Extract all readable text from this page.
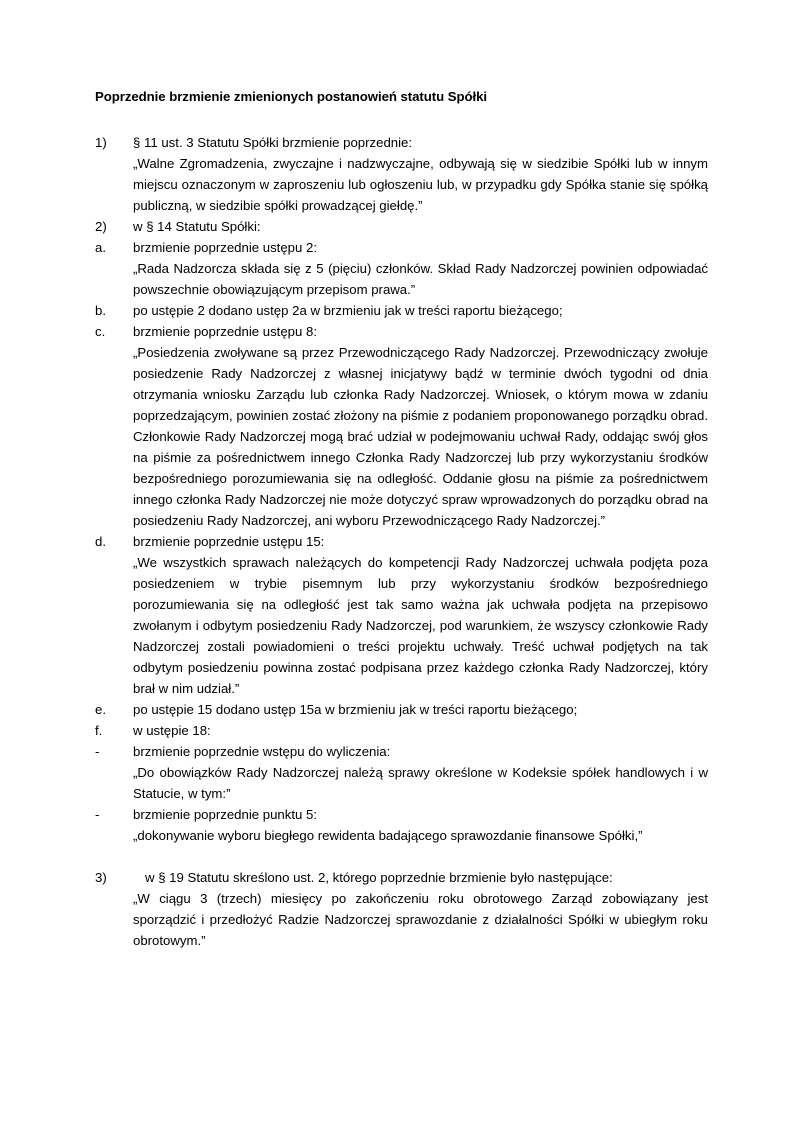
Poprzednie brzmienie zmienionych postanowień statutu Spółki
1)	§ 11 ust. 3 Statutu Spółki brzmienie poprzednie:

„Walne Zgromadzenia, zwyczajne i nadzwyczajne, odbywają się w siedzibie Spółki lub w innym miejscu oznaczonym w zaproszeniu lub ogłoszeniu lub, w przypadku gdy Spółka stanie się spółką publiczną, w siedzibie spółki prowadzącej giełdę.”

2)	w § 14 Statutu Spółki:

a.	brzmienie poprzednie ustępu 2:

„Rada Nadzorcza składa się z 5 (pięciu) członków. Skład Rady Nadzorczej powinien odpowiadać powszechnie obowiązującym przepisom prawa.”

b.	po ustępie 2 dodano ustęp 2a w brzmieniu jak w treści raportu bieżącego;

c.	brzmienie poprzednie ustępu 8:

„Posiedzenia zwoływane są przez Przewodniczącego Rady Nadzorczej. Przewodniczący zwołuje posiedzenie Rady Nadzorczej z własnej inicjatywy bądź w terminie dwóch tygodni od dnia otrzymania wniosku Zarządu lub członka Rady Nadzorczej. Wniosek, o którym mowa w zdaniu poprzedzającym, powinien zostać złożony na piśmie z podaniem proponowanego porządku obrad. Członkowie Rady Nadzorczej mogą brać udział w podejmowaniu uchwał Rady, oddając swój głos na piśmie za pośrednictwem innego Członka Rady Nadzorczej lub przy wykorzystaniu środków bezpośredniego porozumiewania się na odległość. Oddanie głosu na piśmie za pośrednictwem innego członka Rady Nadzorczej nie może dotyczyć spraw wprowadzonych do porządku obrad na posiedzeniu Rady Nadzorczej, ani wyboru Przewodniczącego Rady Nadzorczej.”

d.	brzmienie poprzednie ustępu 15:

„We wszystkich sprawach należących do kompetencji Rady Nadzorczej uchwała podjęta poza posiedzeniem w trybie pisemnym lub przy wykorzystaniu środków bezpośredniego porozumiewania się na odległość jest tak samo ważna jak uchwała podjęta na przepisowo zwołanym i odbytym posiedzeniu Rady Nadzorczej, pod warunkiem, że wszyscy członkowie Rady Nadzorczej zostali powiadomieni o treści projektu uchwały. Treść uchwał podjętych na tak odbytym posiedzeniu powinna zostać podpisana przez każdego członka Rady Nadzorczej, który brał w nim udział.”

e.	po ustępie 15 dodano ustęp 15a w brzmieniu jak w treści raportu bieżącego;

f.	w ustępie 18:

-	brzmienie poprzednie wstępu do wyliczenia:

„Do obowiązków Rady Nadzorczej należą sprawy określone w Kodeksie spółek handlowych i w Statucie, w tym:”

-	brzmienie poprzednie punktu 5:

„dokonywanie wyboru biegłego rewidenta badającego sprawozdanie finansowe Spółki,”

3)	w § 19 Statutu skreślono ust. 2, którego poprzednie brzmienie było następujące:

„W ciągu 3 (trzech) miesięcy po zakończeniu roku obrotowego Zarząd zobowiązany jest sporządzić i przedłożyć Radzie Nadzorczej sprawozdanie z działalności Spółki w ubiegłym roku obrotowym.”
